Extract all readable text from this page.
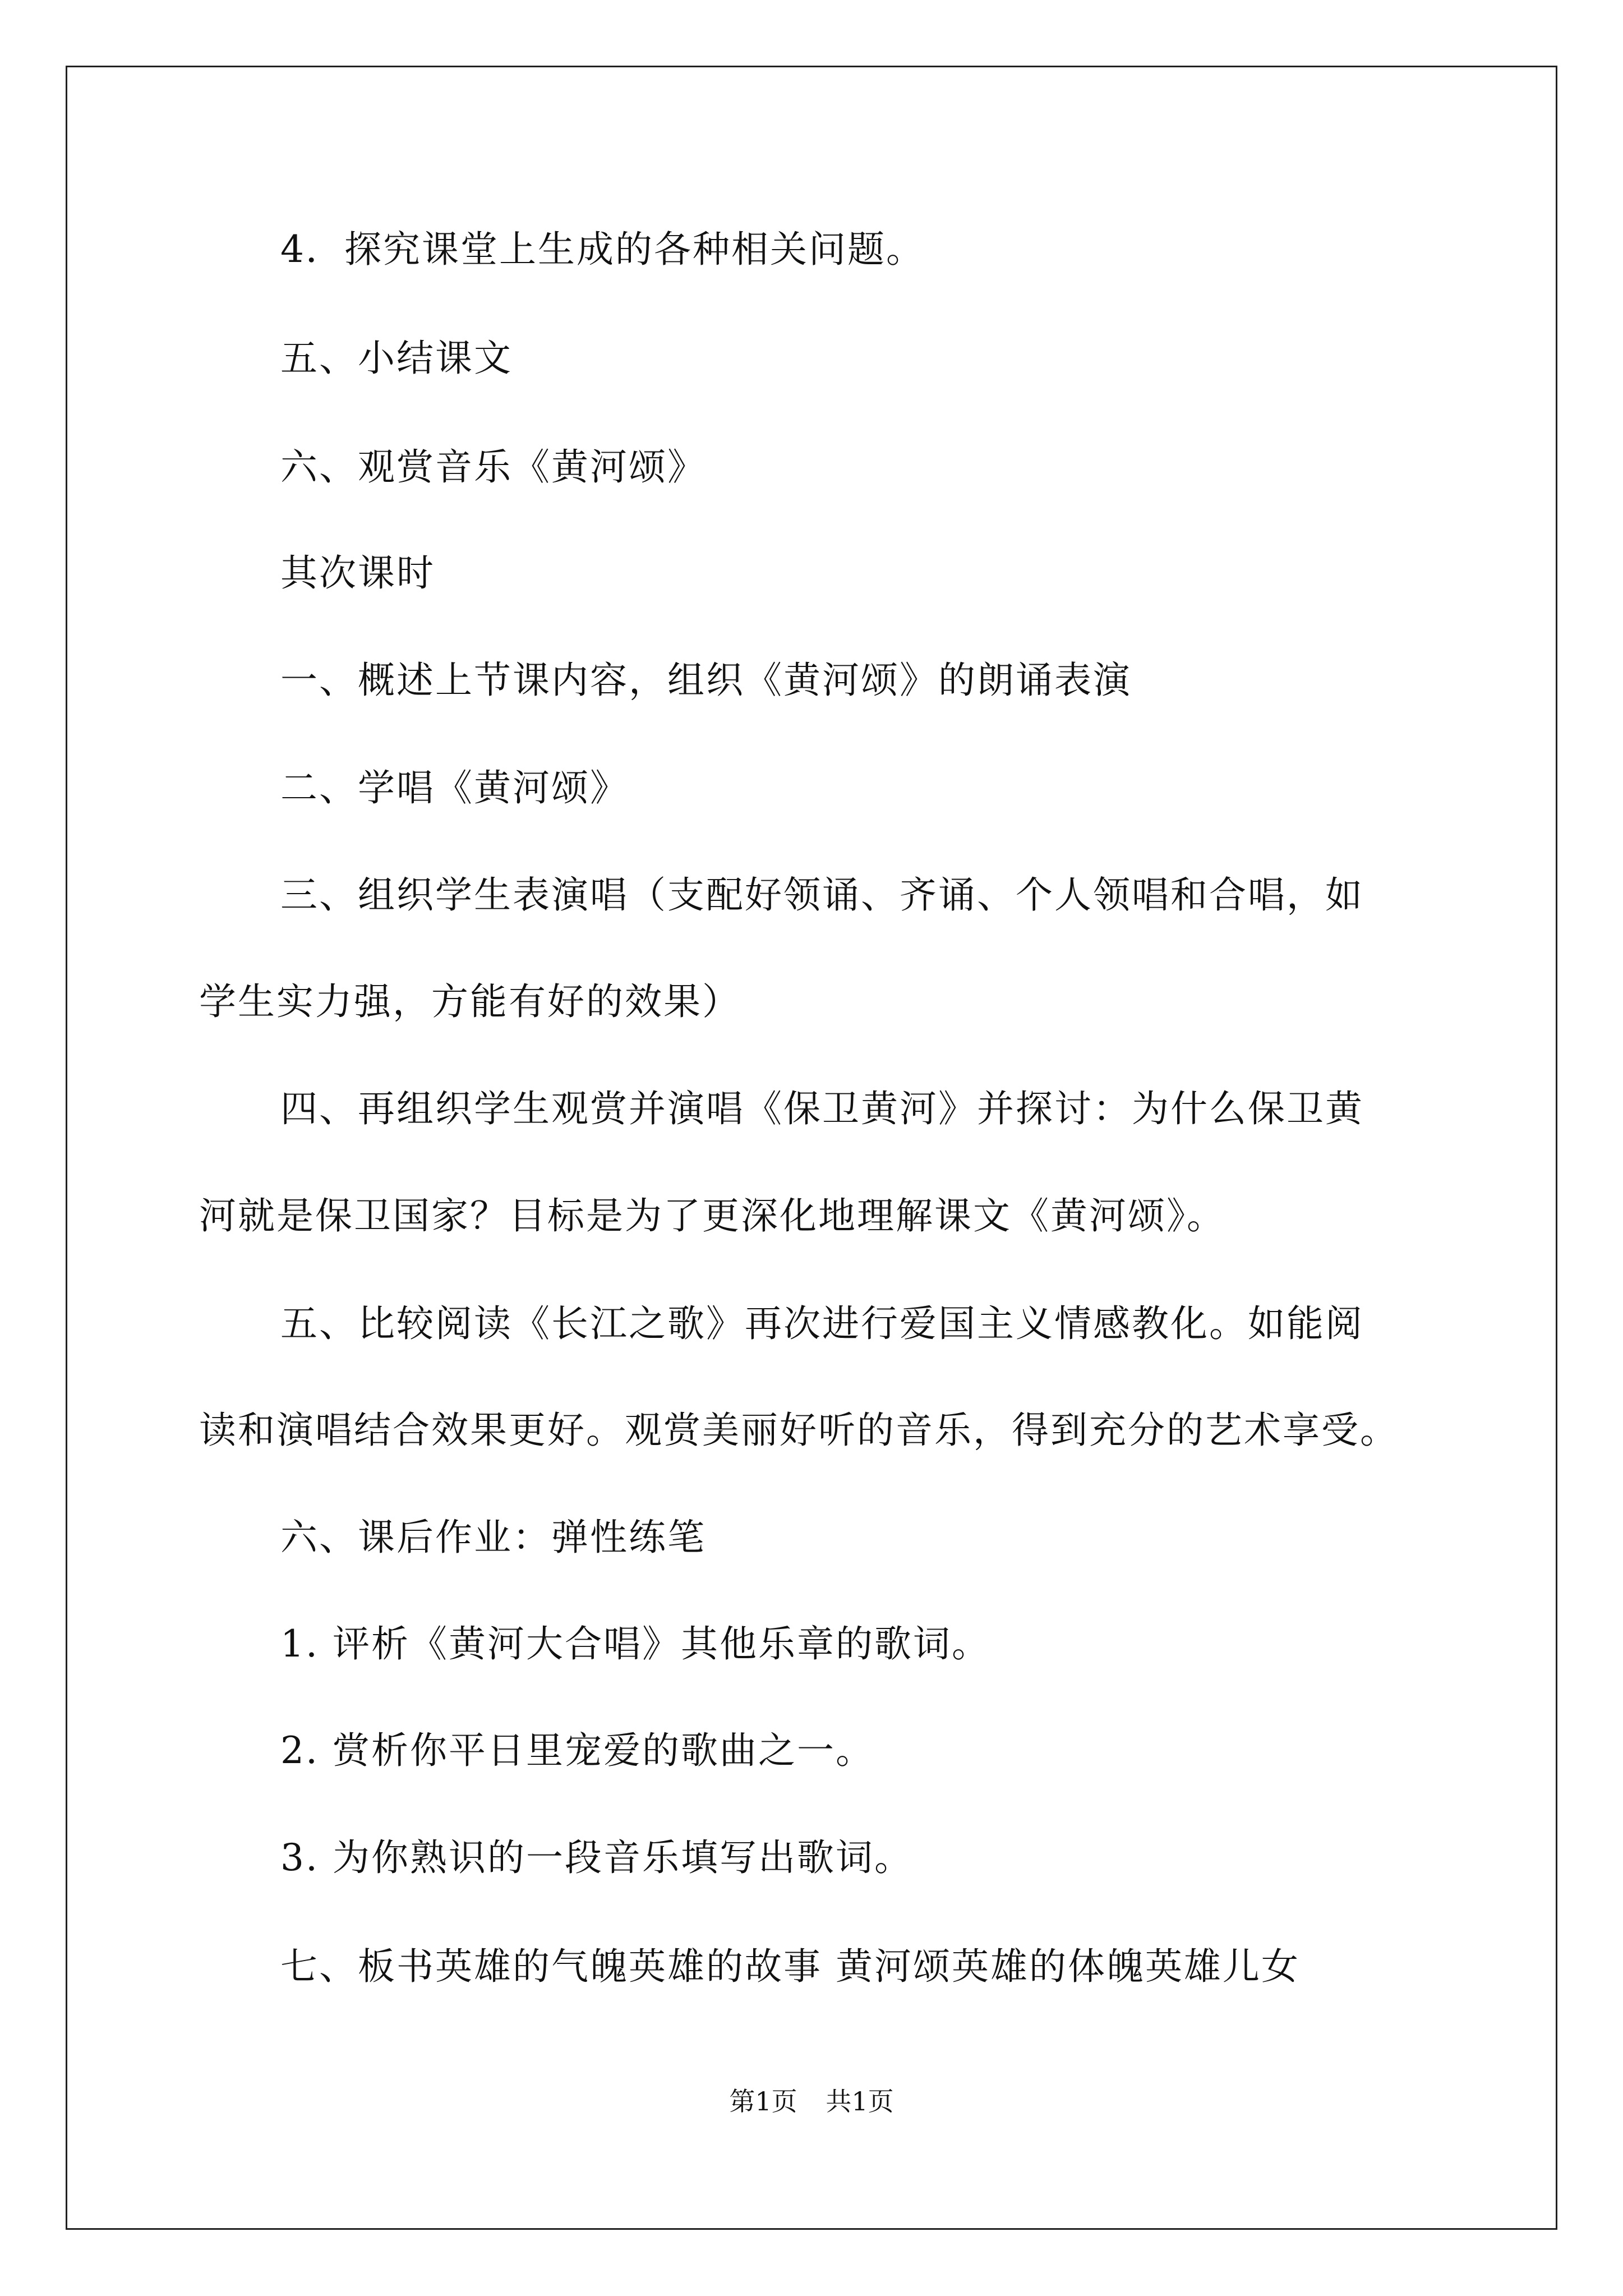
4．探究课堂上生成的各种相关问题。
五、小结课文
六、观赏音乐《黄河颂》
其次课时
一、概述上节课内容，组织《黄河颂》的朗诵表演
二、学唱《黄河颂》
三、组织学生表演唱（支配好领诵、齐诵、个人领唱和合唱，如
学生实力强，方能有好的效果）
四、再组织学生观赏并演唱《保卫黄河》并探讨：为什么保卫黄
河就是保卫国家？目标是为了更深化地理解课文《黄河颂》。
五、比较阅读《长江之歌》再次进行爱国主义情感教化。如能阅
读和演唱结合效果更好。观赏美丽好听的音乐，得到充分的艺术享受。
六、课后作业：弹性练笔
1. 评析《黄河大合唱》其他乐章的歌词。
2. 赏析你平日里宠爱的歌曲之一。
3. 为你熟识的一段音乐填写出歌词。
七、板书英雄的气魄英雄的故事 黄河颂英雄的体魄英雄儿女
第1页 共1页
